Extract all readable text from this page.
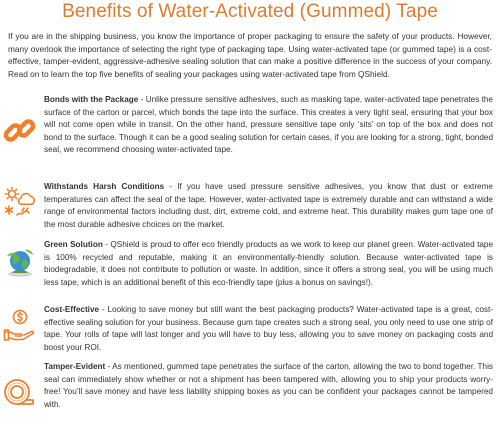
Benefits of Water-Activated (Gummed) Tape
If you are in the shipping business, you know the importance of proper packaging to ensure the safety of your products. However, many overlook the importance of selecting the right type of packaging tape. Using water-activated tape (or gummed tape) is a cost-effective, tamper-evident, aggressive-adhesive sealing solution that can make a positive difference in the success of your company. Read on to learn the top five benefits of sealing your packages using water-activated tape from QShield.
Bonds with the Package - Unlike pressure sensitive adhesives, such as masking tape, water-activated tape penetrates the surface of the carton or parcel, which bonds the tape into the surface. This creates a very tight seal, ensuring that your box will not come open while in transit. On the other hand, pressure sensitive tape only ‘sits’ on top of the box and does not bond to the surface. Though it can be a good sealing solution for certain cases, if you are looking for a strong, tight, bonded seal, we recommend choosing water-activated tape.
Withstands Harsh Conditions - If you have used pressure sensitive adhesives, you know that dust or extreme temperatures can affect the seal of the tape. However, water-activated tape is extremely durable and can withstand a wide range of environmental factors including dust, dirt, extreme cold, and extreme heat. This durability makes gum tape one of the most durable adhesive choices on the market.
Green Solution - QShield is proud to offer eco friendly products as we work to keep our planet green. Water-activated tape is 100% recycled and reputable, making it an environmentally-friendly solution. Because water-activated tape is biodegradable, it does not contribute to pollution or waste. In addition, since it offers a strong seal, you will be using much less tape, which is an additional benefit of this eco-friendly tape (plus a bonus on savings!).
Cost-Effective - Looking to save money but still want the best packaging products? Water-activated tape is a great, cost-effective sealing solution for your business. Because gum tape creates such a strong seal, you only need to use one strip of tape. Your rolls of tape will last longer and you will have to buy less, allowing you to save money on packaging costs and boost your ROI.
Tamper-Evident - As mentioned, gummed tape penetrates the surface of the carton, allowing the two to bond together. This seal can immediately show whether or not a shipment has been tampered with, allowing you to ship your products worry-free! You’ll save money and have less liability shipping boxes as you can be confident your packages cannot be tampered with.
